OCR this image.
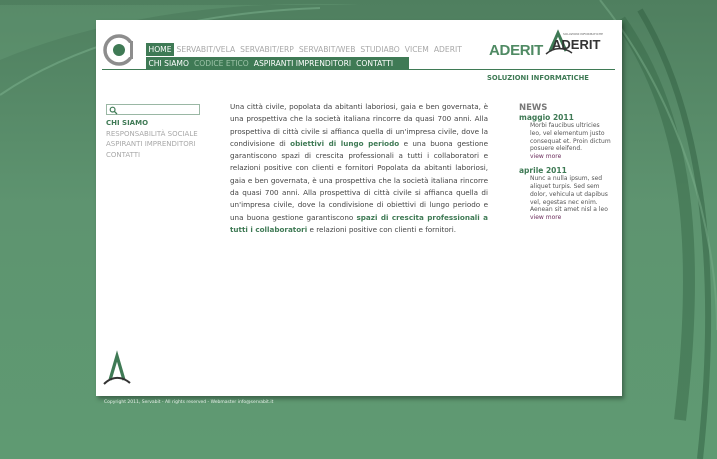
HOME SERVABIT/VELA SERVABIT/ERP SERVABIT/WEB STUDIABO VICEM ADERIT
CHI SIAMO CODICE ETICO ASPIRANTI IMPRENDITORI CONTATTI
SOLUZIONI INFORMATICHE
ADERIT ADERIT
SOLUZIONI INFORMATICHE
CHI SIAMO
RESPONSABILITÀ SOCIALE
ASPIRANTI IMPRENDITORI
CONTATTI
Una città civile, popolata da abitanti laboriosi, gaia e ben governata, è una prospettiva che la società italiana rincorre da quasi 700 anni. Alla prospettiva di città civile si affianca quella di un'impresa civile, dove la condivisione di obiettivi di lungo periodo e una buona gestione garantiscono spazi di crescita professionali a tutti i collaboratori e relazioni positive con clienti e fornitori Popolata da abitanti laboriosi, gaia e ben governata, è una prospettiva che la società italiana rincorre da quasi 700 anni. Alla prospettiva di città civile si affianca quella di un'impresa civile, dove la condivisione di obiettivi di lungo periodo e una buona gestione garantiscono spazi di crescita professionali a tutti i collaboratori e relazioni positive con clienti e fornitori.
NEWS
maggio 2011
Morbi faucibus ultricies leo, vel elementum justo consequat et. Proin dictum posuere eleifend.
view more
aprile 2011
Nunc a nulla ipsum, sed aliquet turpis. Sed sem dolor, vehicula ut dapibus vel, egestas nec enim. Aenean sit amet nisl a leo
view more
Copyright 2011, Servabit - All rights reserved - Webmaster info@servabit.it
